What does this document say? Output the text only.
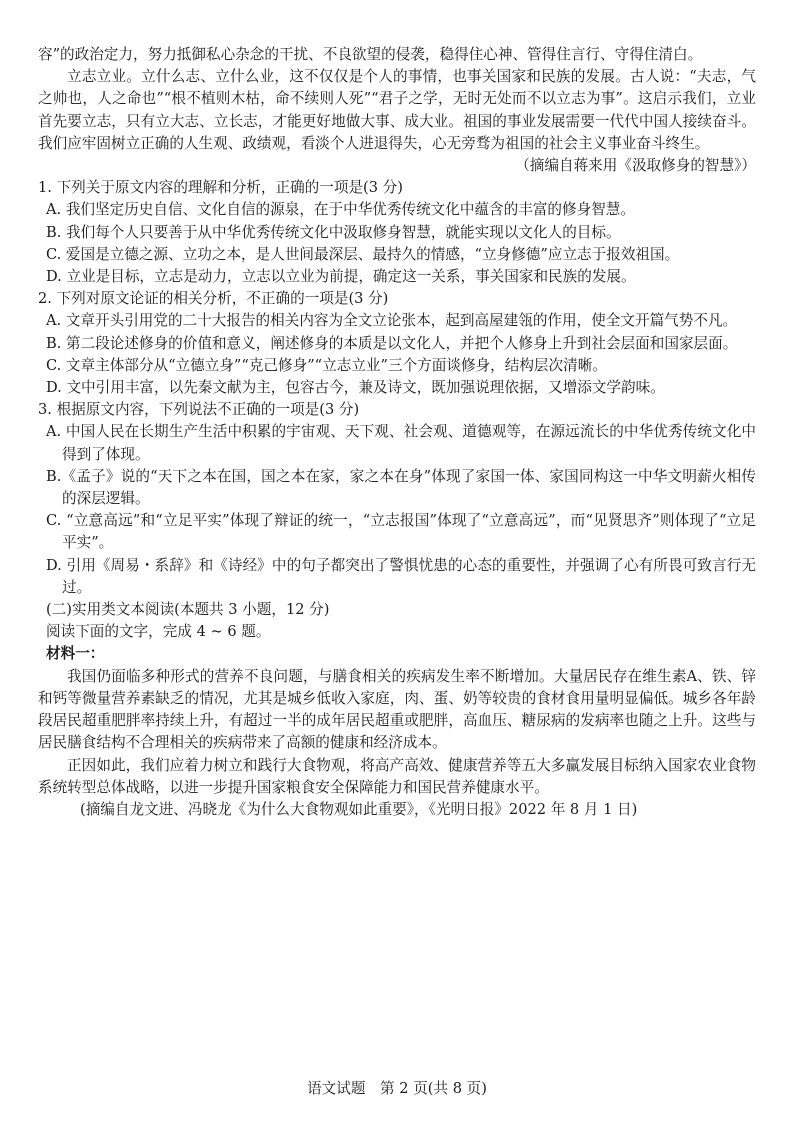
容”的政治定力，努力抵御私心杂念的干扰、不良欲望的侵袭，稳得住心神、管得住言行、守得住清白。

立志立业。立什么志、立什么业，这不仅仅是个人的事情，也事关国家和民族的发展。古人说：“夫志，气之帅也，人之命也”“根不植则木枯，命不续则人死”“君子之学，无时无处而不以立志为事”。这启示我们，立业首先要立志，只有立大志、立长志，才能更好地做大事、成大业。祖国的事业发展需要一代代中国人接续奋斗。我们应牢固树立正确的人生观、政绩观，看淡个人进退得失，心无旁骛为祖国的社会主义事业奋斗终生。

（摘编自蒋来用《汲取修身的智慧》）

1. 下列关于原文内容的理解和分析，正确的一项是(3 分)

A. 我们坚定历史自信、文化自信的源泉，在于中华优秀传统文化中蕴含的丰富的修身智慧。

B. 我们每个人只要善于从中华优秀传统文化中汲取修身智慧，就能实现以文化人的目标。

C. 爱国是立德之源、立功之本，是人世间最深层、最持久的情感，“立身修德”应立志于报效祖国。

D. 立业是目标，立志是动力，立志以立业为前提，确定这一关系，事关国家和民族的发展。

2. 下列对原文论证的相关分析，不正确的一项是(3 分)

A. 文章开头引用党的二十大报告的相关内容为全文立论张本，起到高屋建瓴的作用，使全文开篇气势不凡。

B. 第二段论述修身的价值和意义，阐述修身的本质是以文化人，并把个人修身上升到社会层面和国家层面。

C. 文章主体部分从“立德立身”“克己修身”“立志立业”三个方面谈修身，结构层次清晰。

D. 文中引用丰富，以先秦文献为主，包容古今，兼及诗文，既加强说理依据，又增添文学韵味。

3. 根据原文内容，下列说法不正确的一项是(3 分)

A. 中国人民在长期生产生活中积累的宇宙观、天下观、社会观、道德观等，在源远流长的中华优秀传统文化中得到了体现。

B.《孟子》说的“天下之本在国，国之本在家，家之本在身”体现了家国一体、家国同构这一中华文明薪火相传的深层逻辑。

C. “立意高远”和“立足平实”体现了辩证的统一，“立志报国”体现了“立意高远”，而“见贤思齐”则体现了“立足平实”。

D. 引用《周易・系辞》和《诗经》中的句子都突出了警惧忧患的心态的重要性，并强调了心有所畏可致言行无过。

(二)实用类文本阅读(本题共 3 小题，12 分)

阅读下面的文字，完成 4 ~ 6 题。

材料一：

我国仍面临多种形式的营养不良问题，与膳食相关的疾病发生率不断增加。大量居民存在维生素A、铁、锌和钙等微量营养素缺乏的情况，尤其是城乡低收入家庭，肉、蛋、奶等较贵的食材食用量明显偏低。城乡各年龄段居民超重肥胖率持续上升，有超过一半的成年居民超重或肥胖，高血压、糖尿病的发病率也随之上升。这些与居民膳食结构不合理相关的疾病带来了高额的健康和经济成本。

正因如此，我们应着力树立和践行大食物观，将高产高效、健康营养等五大多赢发展目标纳入国家农业食物系统转型总体战略，以进一步提升国家粮食安全保障能力和国民营养健康水平。

(摘编自龙文进、冯晓龙《为什么大食物观如此重要》，《光明日报》2022 年 8 月 1 日)

语文试题　第 2 页(共 8 页)
